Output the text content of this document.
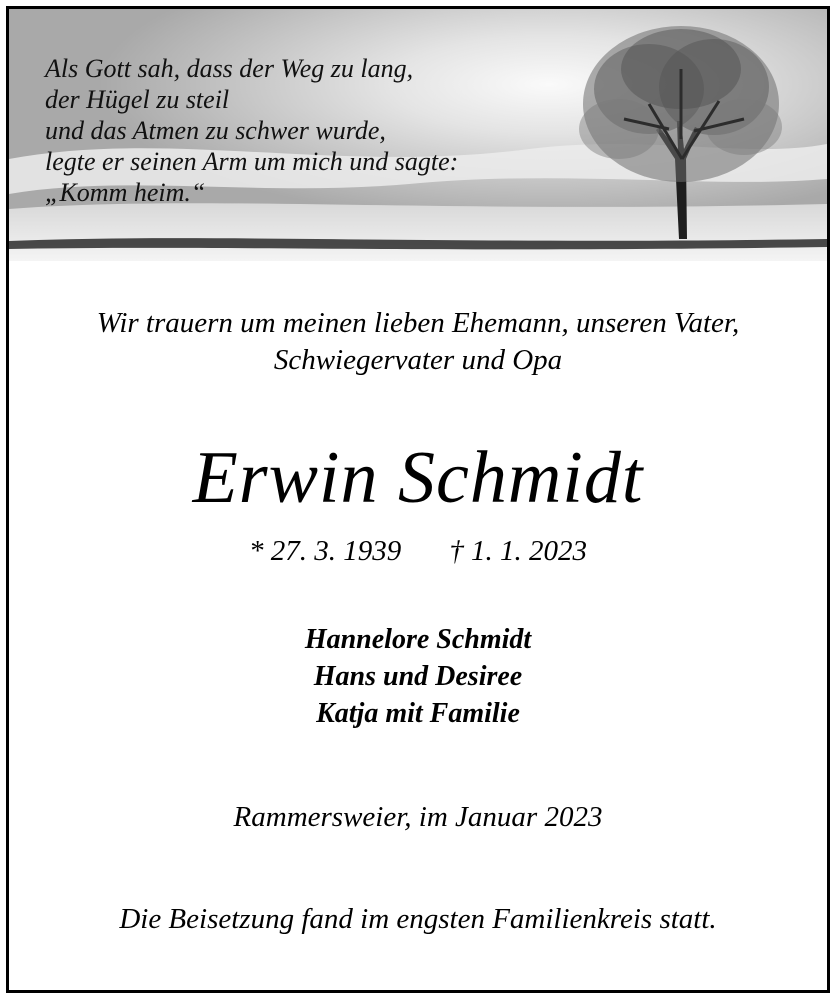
Als Gott sah, dass der Weg zu lang,
der Hügel zu steil
und das Atmen zu schwer wurde,
legte er seinen Arm um mich und sagte:
„Komm heim.“
Wir trauern um meinen lieben Ehemann, unseren Vater,
Schwiegervater und Opa
Erwin Schmidt
* 27. 3. 1939 † 1. 1. 2023
Hannelore Schmidt
Hans und Desiree
Katja mit Familie
Rammersweier, im Januar 2023
Die Beisetzung fand im engsten Familienkreis statt.
